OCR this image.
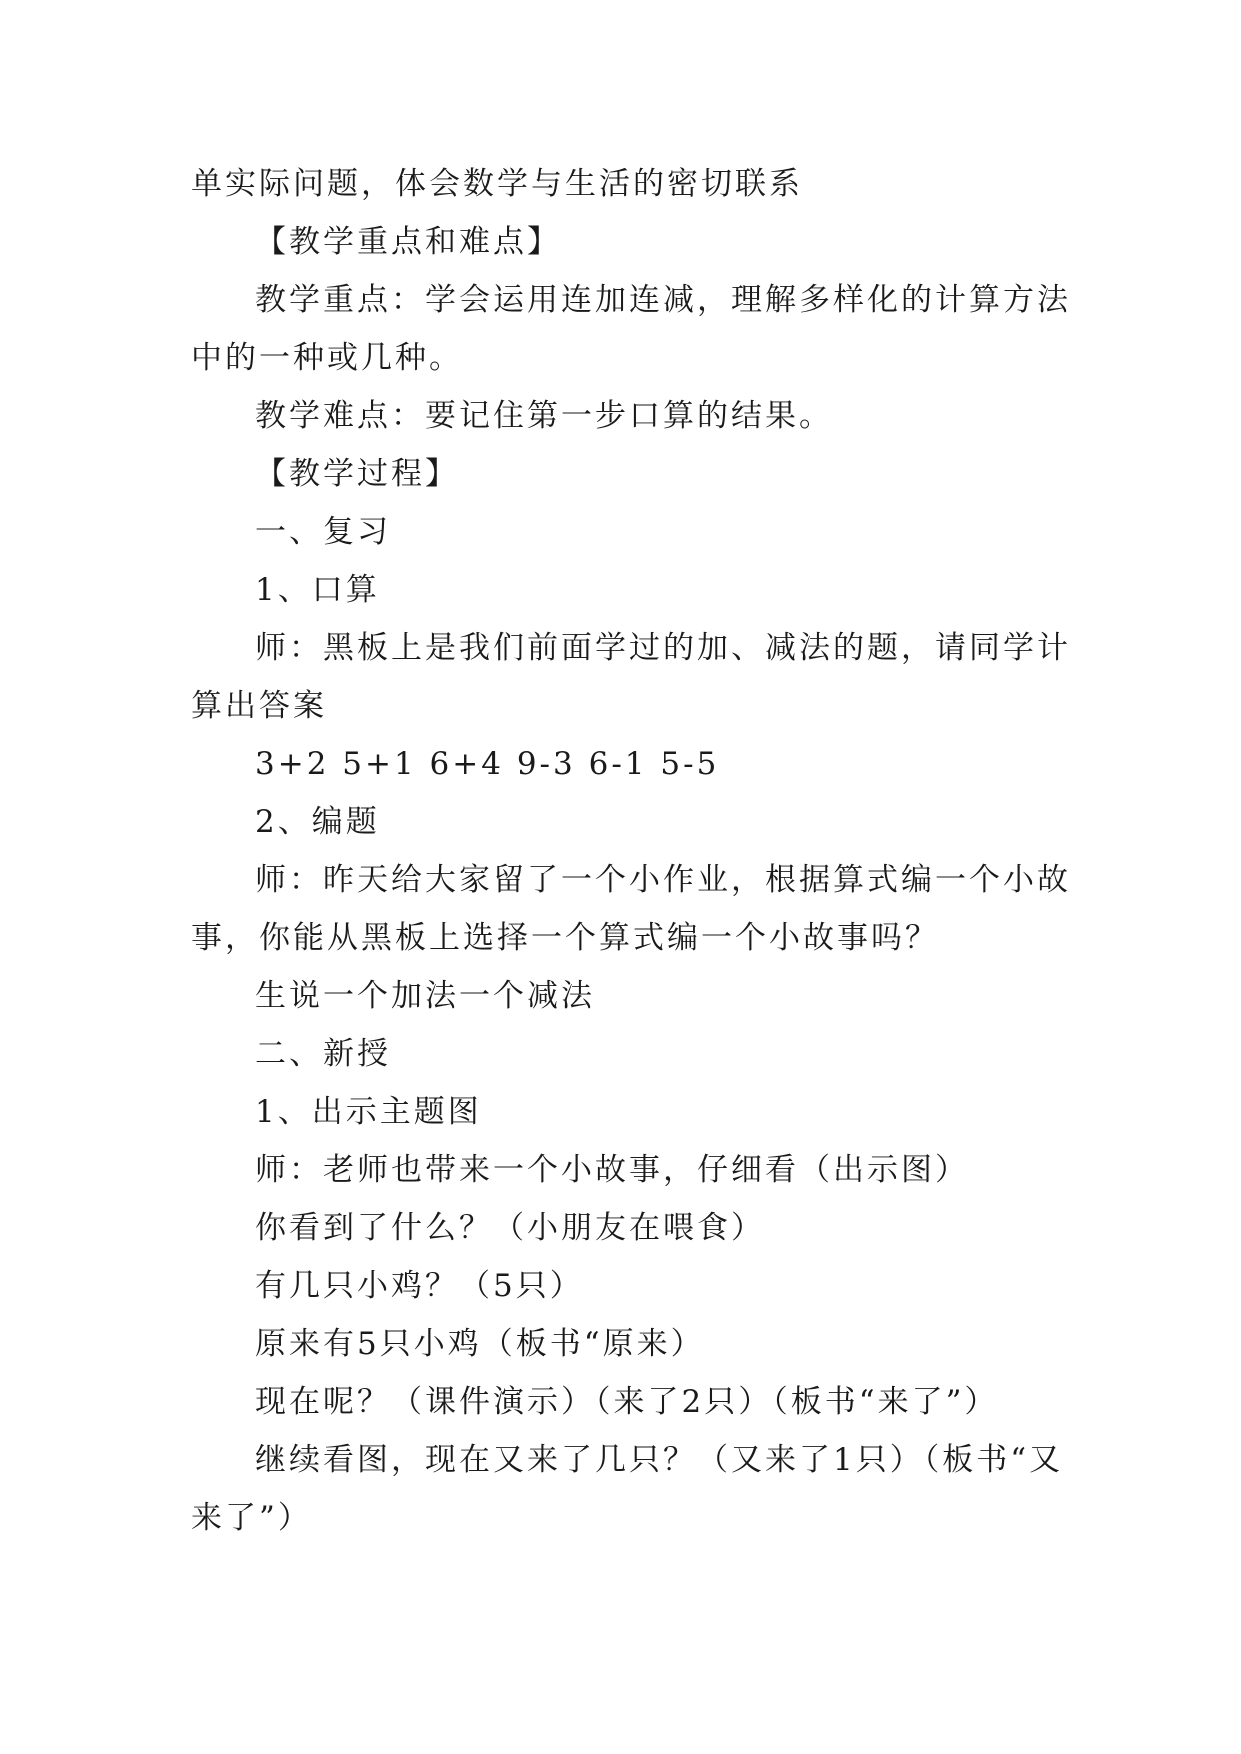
单实际问题，体会数学与生活的密切联系
【教学重点和难点】
教学重点：学会运用连加连减，理解多样化的计算方法
中的一种或几种。
教学难点：要记住第一步口算的结果。
【教学过程】
一、复习
1、口算
师：黑板上是我们前面学过的加、减法的题，请同学计
算出答案
3+2 5+1 6+4 9-3 6-1 5-5
2、编题
师：昨天给大家留了一个小作业，根据算式编一个小故
事，你能从黑板上选择一个算式编一个小故事吗？
生说一个加法一个减法
二、新授
1、出示主题图
师：老师也带来一个小故事，仔细看（出示图）
你看到了什么？（小朋友在喂食）
有几只小鸡？（5只）
原来有5只小鸡（板书“原来）
现在呢？（课件演示）（来了2只）（板书“来了”）
继续看图，现在又来了几只？（又来了1只）（板书“又
来了”）
